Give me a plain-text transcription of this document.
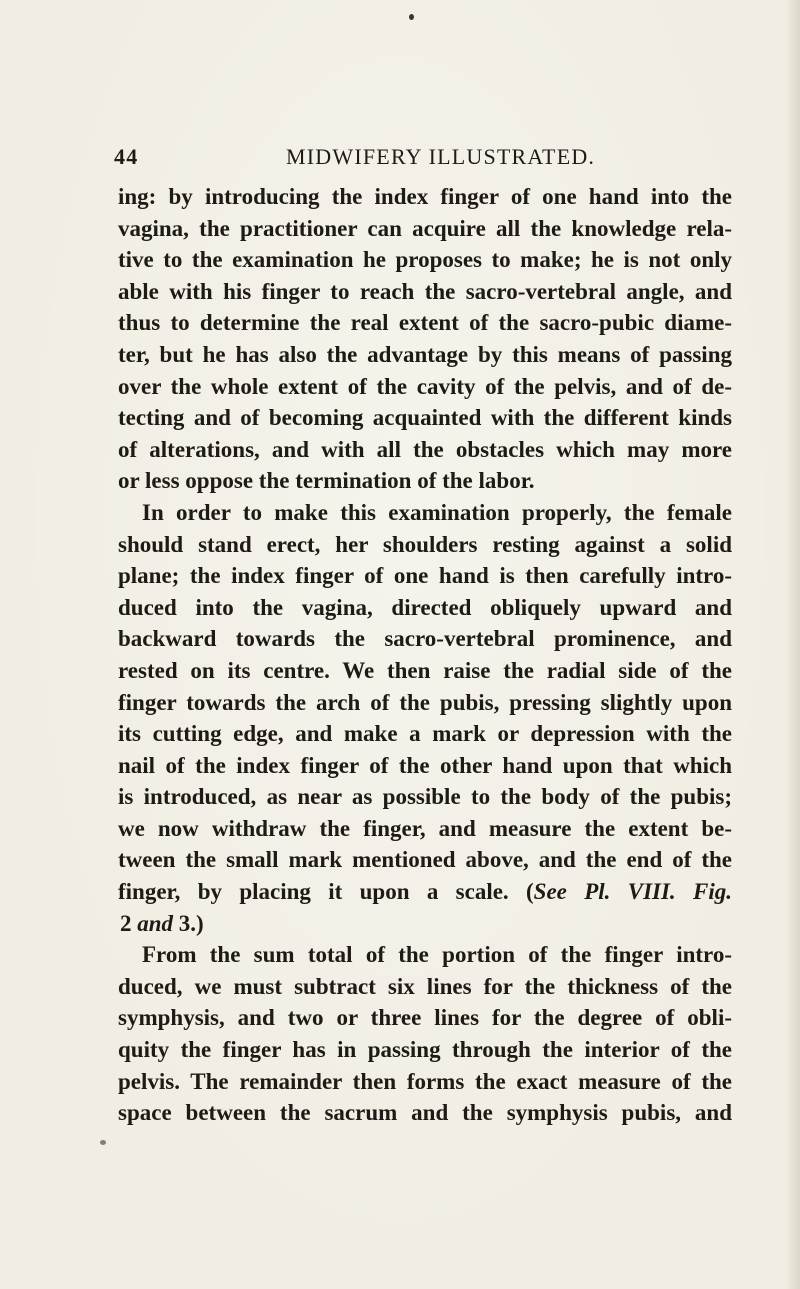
44	MIDWIFERY ILLUSTRATED.
ing: by introducing the index finger of one hand into the
vagina, the practitioner can acquire all the knowledge rela-
tive to the examination he proposes to make; he is not only
able with his finger to reach the sacro-vertebral angle, and
thus to determine the real extent of the sacro-pubic diame-
ter, but he has also the advantage by this means of passing
over the whole extent of the cavity of the pelvis, and of de-
tecting and of becoming acquainted with the different kinds
of alterations, and with all the obstacles which may more
or less oppose the termination of the labor.
In order to make this examination properly, the female
should stand erect, her shoulders resting against a solid
plane; the index finger of one hand is then carefully intro-
duced into the vagina, directed obliquely upward and
backward towards the sacro-vertebral prominence, and
rested on its centre. We then raise the radial side of the
finger towards the arch of the pubis, pressing slightly upon
its cutting edge, and make a mark or depression with the
nail of the index finger of the other hand upon that which
is introduced, as near as possible to the body of the pubis;
we now withdraw the finger, and measure the extent be-
tween the small mark mentioned above, and the end of the
finger, by placing it upon a scale. (See Pl. VIII. Fig.
2 and 3.)
From the sum total of the portion of the finger intro-
duced, we must subtract six lines for the thickness of the
symphysis, and two or three lines for the degree of obli-
quity the finger has in passing through the interior of the
pelvis. The remainder then forms the exact measure of the
space between the sacrum and the symphysis pubis, and
